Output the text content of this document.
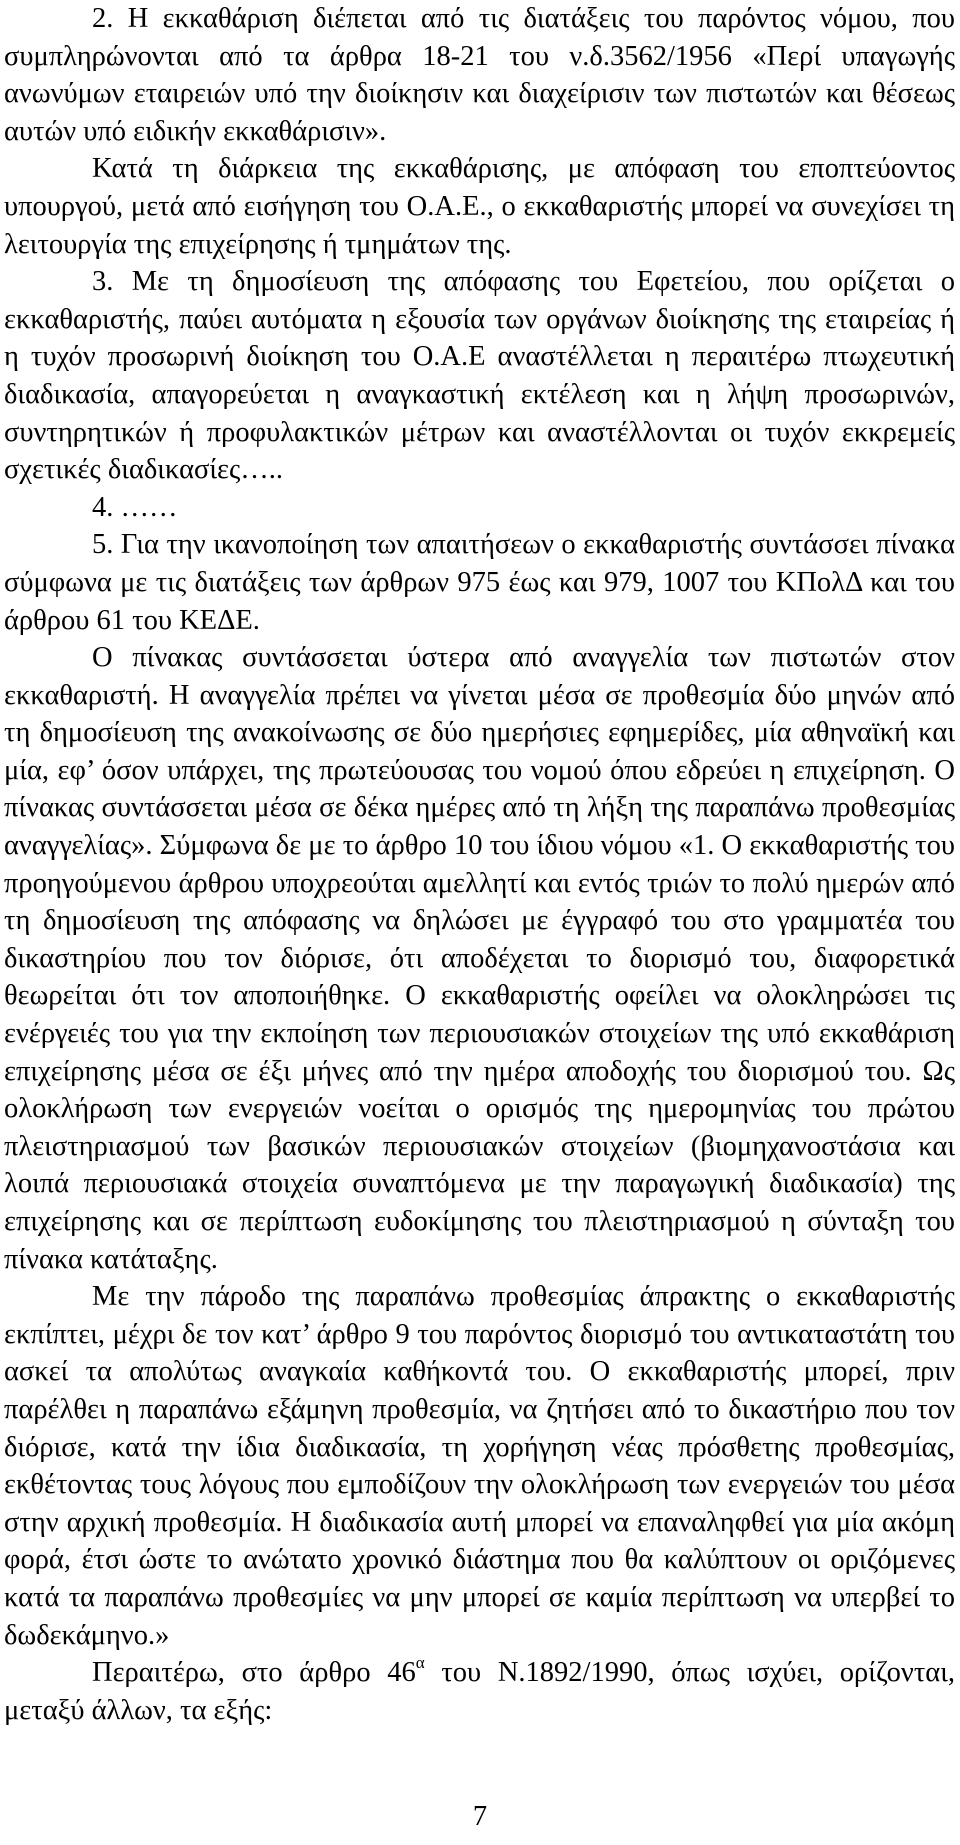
2. Η εκκαθάριση διέπεται από τις διατάξεις του παρόντος νόμου, που συμπληρώνονται από τα άρθρα 18-21 του ν.δ.3562/1956 «Περί υπαγωγής ανωνύμων εταιρειών υπό την διοίκησιν και διαχείρισιν των πιστωτών και θέσεως αυτών υπό ειδικήν εκκαθάρισιν».

Κατά τη διάρκεια της εκκαθάρισης, με απόφαση του εποπτεύοντος υπουργού, μετά από εισήγηση του Ο.Α.Ε., ο εκκαθαριστής μπορεί να συνεχίσει τη λειτουργία της επιχείρησης ή τμημάτων της.

3. Με τη δημοσίευση της απόφασης του Εφετείου, που ορίζεται ο εκκαθαριστής, παύει αυτόματα η εξουσία των οργάνων διοίκησης της εταιρείας ή η τυχόν προσωρινή διοίκηση του Ο.Α.Ε αναστέλλεται η περαιτέρω πτωχευτική διαδικασία, απαγορεύεται η αναγκαστική εκτέλεση και η λήψη προσωρινών, συντηρητικών ή προφυλακτικών μέτρων και αναστέλλονται οι τυχόν εκκρεμείς σχετικές διαδικασίες…..

4. ……

5. Για την ικανοποίηση των απαιτήσεων ο εκκαθαριστής συντάσσει πίνακα σύμφωνα με τις διατάξεις των άρθρων 975 έως και 979, 1007 του ΚΠολΔ και του άρθρου 61 του ΚΕΔΕ.

Ο πίνακας συντάσσεται ύστερα από αναγγελία των πιστωτών στον εκκαθαριστή. Η αναγγελία πρέπει να γίνεται μέσα σε προθεσμία δύο μηνών από τη δημοσίευση της ανακοίνωσης σε δύο ημερήσιες εφημερίδες, μία αθηναϊκή και μία, εφ’ όσον υπάρχει, της πρωτεύουσας του νομού όπου εδρεύει η επιχείρηση. Ο πίνακας συντάσσεται μέσα σε δέκα ημέρες από τη λήξη της παραπάνω προθεσμίας αναγγελίας». Σύμφωνα δε με το άρθρο 10 του ίδιου νόμου «1. Ο εκκαθαριστής του προηγούμενου άρθρου υποχρεούται αμελλητί και εντός τριών το πολύ ημερών από τη δημοσίευση της απόφασης να δηλώσει με έγγραφό του στο γραμματέα του δικαστηρίου που τον διόρισε, ότι αποδέχεται το διορισμό του, διαφορετικά θεωρείται ότι τον αποποιήθηκε. Ο εκκαθαριστής οφείλει να ολοκληρώσει τις ενέργειές του για την εκποίηση των περιουσιακών στοιχείων της υπό εκκαθάριση επιχείρησης μέσα σε έξι μήνες από την ημέρα αποδοχής του διορισμού του. Ως ολοκλήρωση των ενεργειών νοείται ο ορισμός της ημερομηνίας του πρώτου πλειστηριασμού των βασικών περιουσιακών στοιχείων (βιομηχανοστάσια και λοιπά περιουσιακά στοιχεία συναπτόμενα με την παραγωγική διαδικασία) της επιχείρησης και σε περίπτωση ευδοκίμησης του πλειστηριασμού η σύνταξη του πίνακα κατάταξης.

Με την πάροδο της παραπάνω προθεσμίας άπρακτης ο εκκαθαριστής εκπίπτει, μέχρι δε τον κατ’ άρθρο 9 του παρόντος διορισμό του αντικαταστάτη του ασκεί τα απολύτως αναγκαία καθήκοντά του. Ο εκκαθαριστής μπορεί, πριν παρέλθει η παραπάνω εξάμηνη προθεσμία, να ζητήσει από το δικαστήριο που τον διόρισε, κατά την ίδια διαδικασία, τη χορήγηση νέας πρόσθετης προθεσμίας, εκθέτοντας τους λόγους που εμποδίζουν την ολοκλήρωση των ενεργειών του μέσα στην αρχική προθεσμία. Η διαδικασία αυτή μπορεί να επαναληφθεί για μία ακόμη φορά, έτσι ώστε το ανώτατο χρονικό διάστημα που θα καλύπτουν οι οριζόμενες κατά τα παραπάνω προθεσμίες να μην μπορεί σε καμία περίπτωση να υπερβεί το δωδεκάμηνο.»

Περαιτέρω, στο άρθρο $46^\alpha$ του Ν.1892/1990, όπως ισχύει, ορίζονται, μεταξύ άλλων, τα εξής:

7
